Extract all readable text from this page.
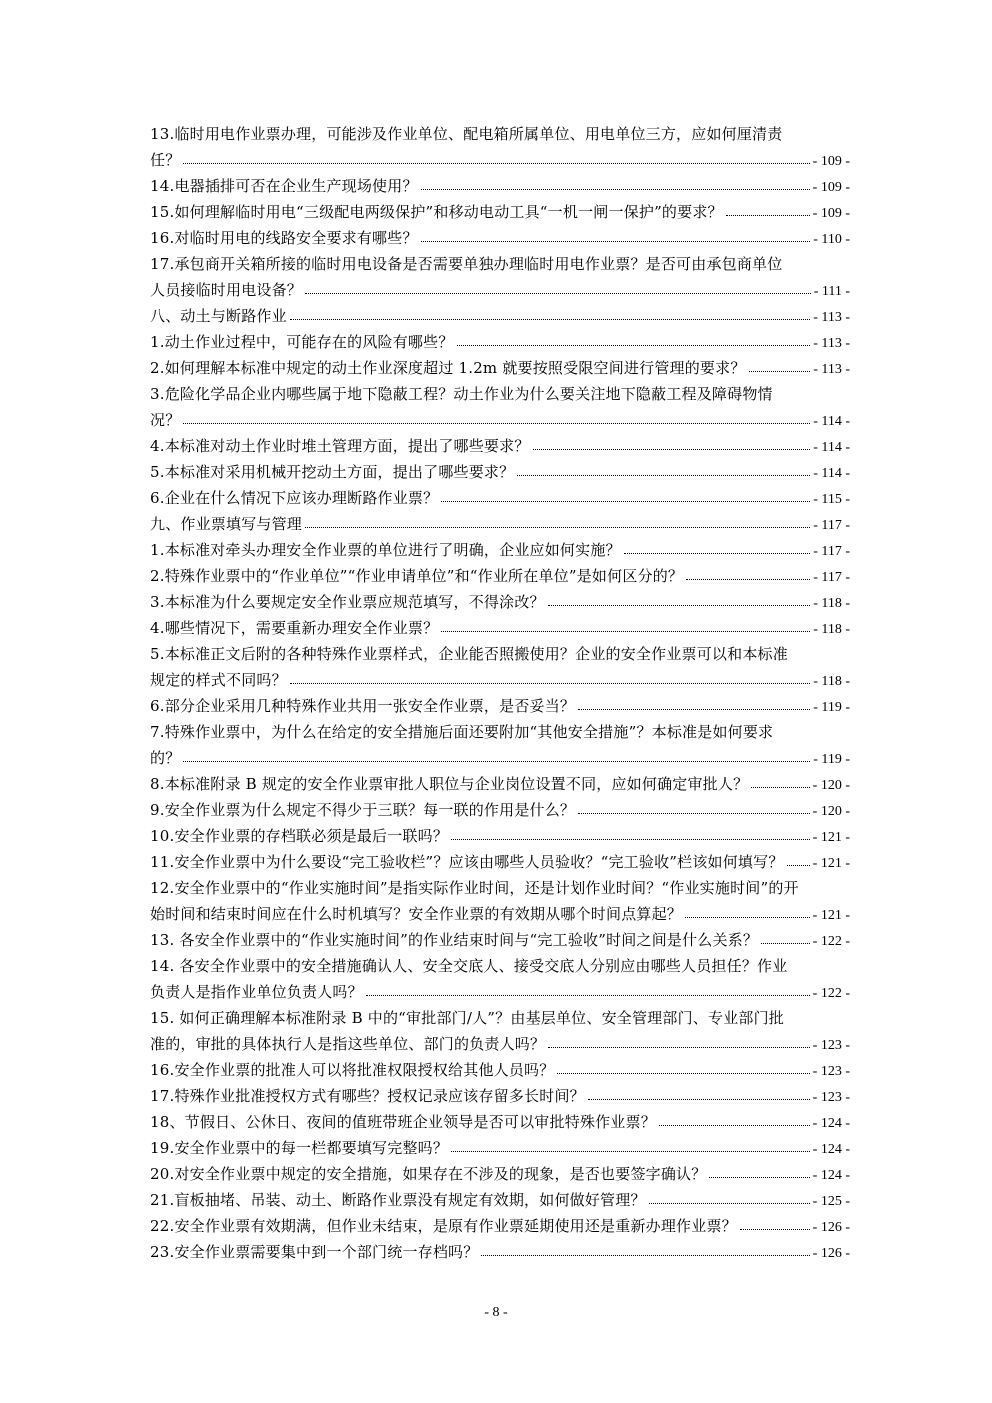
13.临时用电作业票办理，可能涉及作业单位、配电箱所属单位、用电单位三方，应如何厘清责
任？	- 109 -
14.电器插排可否在企业生产现场使用？	- 109 -
15.如何理解临时用电“三级配电两级保护”和移动电动工具“一机一闸一保护”的要求？	- 109 -
16.对临时用电的线路安全要求有哪些？	- 110 -
17.承包商开关箱所接的临时用电设备是否需要单独办理临时用电作业票？是否可由承包商单位
人员接临时用电设备？	- 111 -
八、动土与断路作业	- 113 -
1.动土作业过程中，可能存在的风险有哪些？	- 113 -
2.如何理解本标准中规定的动土作业深度超过 1.2m 就要按照受限空间进行管理的要求？	- 113 -
3.危险化学品企业内哪些属于地下隐蔽工程？动土作业为什么要关注地下隐蔽工程及障碍物情
况？	- 114 -
4.本标准对动土作业时堆土管理方面，提出了哪些要求？	- 114 -
5.本标准对采用机械开挖动土方面，提出了哪些要求？	- 114 -
6.企业在什么情况下应该办理断路作业票？	- 115 -
九、作业票填写与管理	- 117 -
1.本标准对牵头办理安全作业票的单位进行了明确，企业应如何实施？	- 117 -
2.特殊作业票中的“作业单位”“作业申请单位”和“作业所在单位”是如何区分的？	- 117 -
3.本标准为什么要规定安全作业票应规范填写，不得涂改？	- 118 -
4.哪些情况下，需要重新办理安全作业票？	- 118 -
5.本标准正文后附的各种特殊作业票样式，企业能否照搬使用？企业的安全作业票可以和本标准
规定的样式不同吗？	- 118 -
6.部分企业采用几种特殊作业共用一张安全作业票，是否妥当？	- 119 -
7.特殊作业票中，为什么在给定的安全措施后面还要附加“其他安全措施”？本标准是如何要求
的？	- 119 -
8.本标准附录 B 规定的安全作业票审批人职位与企业岗位设置不同，应如何确定审批人？	- 120 -
9.安全作业票为什么规定不得少于三联？每一联的作用是什么？	- 120 -
10.安全作业票的存档联必须是最后一联吗？	- 121 -
11.安全作业票中为什么要设“完工验收栏”？应该由哪些人员验收？“完工验收”栏该如何填写？ - 121 -
12.安全作业票中的“作业实施时间”是指实际作业时间，还是计划作业时间？“作业实施时间”的开
始时间和结束时间应在什么时机填写？安全作业票的有效期从哪个时间点算起？	- 121 -
13. 各安全作业票中的“作业实施时间”的作业结束时间与“完工验收”时间之间是什么关系？	- 122 -
14. 各安全作业票中的安全措施确认人、安全交底人、接受交底人分别应由哪些人员担任？作业
负责人是指作业单位负责人吗？	- 122 -
15. 如何正确理解本标准附录 B 中的“审批部门/人”？由基层单位、安全管理部门、专业部门批
准的，审批的具体执行人是指这些单位、部门的负责人吗？	- 123 -
16.安全作业票的批准人可以将批准权限授权给其他人员吗？	- 123 -
17.特殊作业批准授权方式有哪些？授权记录应该存留多长时间？	- 123 -
18、节假日、公休日、夜间的值班带班企业领导是否可以审批特殊作业票？	- 124 -
19.安全作业票中的每一栏都要填写完整吗？	- 124 -
20.对安全作业票中规定的安全措施，如果存在不涉及的现象，是否也要签字确认？	- 124 -
21.盲板抽堵、吊装、动土、断路作业票没有规定有效期，如何做好管理？	- 125 -
22.安全作业票有效期满，但作业未结束，是原有作业票延期使用还是重新办理作业票？	- 126 -
23.安全作业票需要集中到一个部门统一存档吗？	- 126 -
- 8 -
